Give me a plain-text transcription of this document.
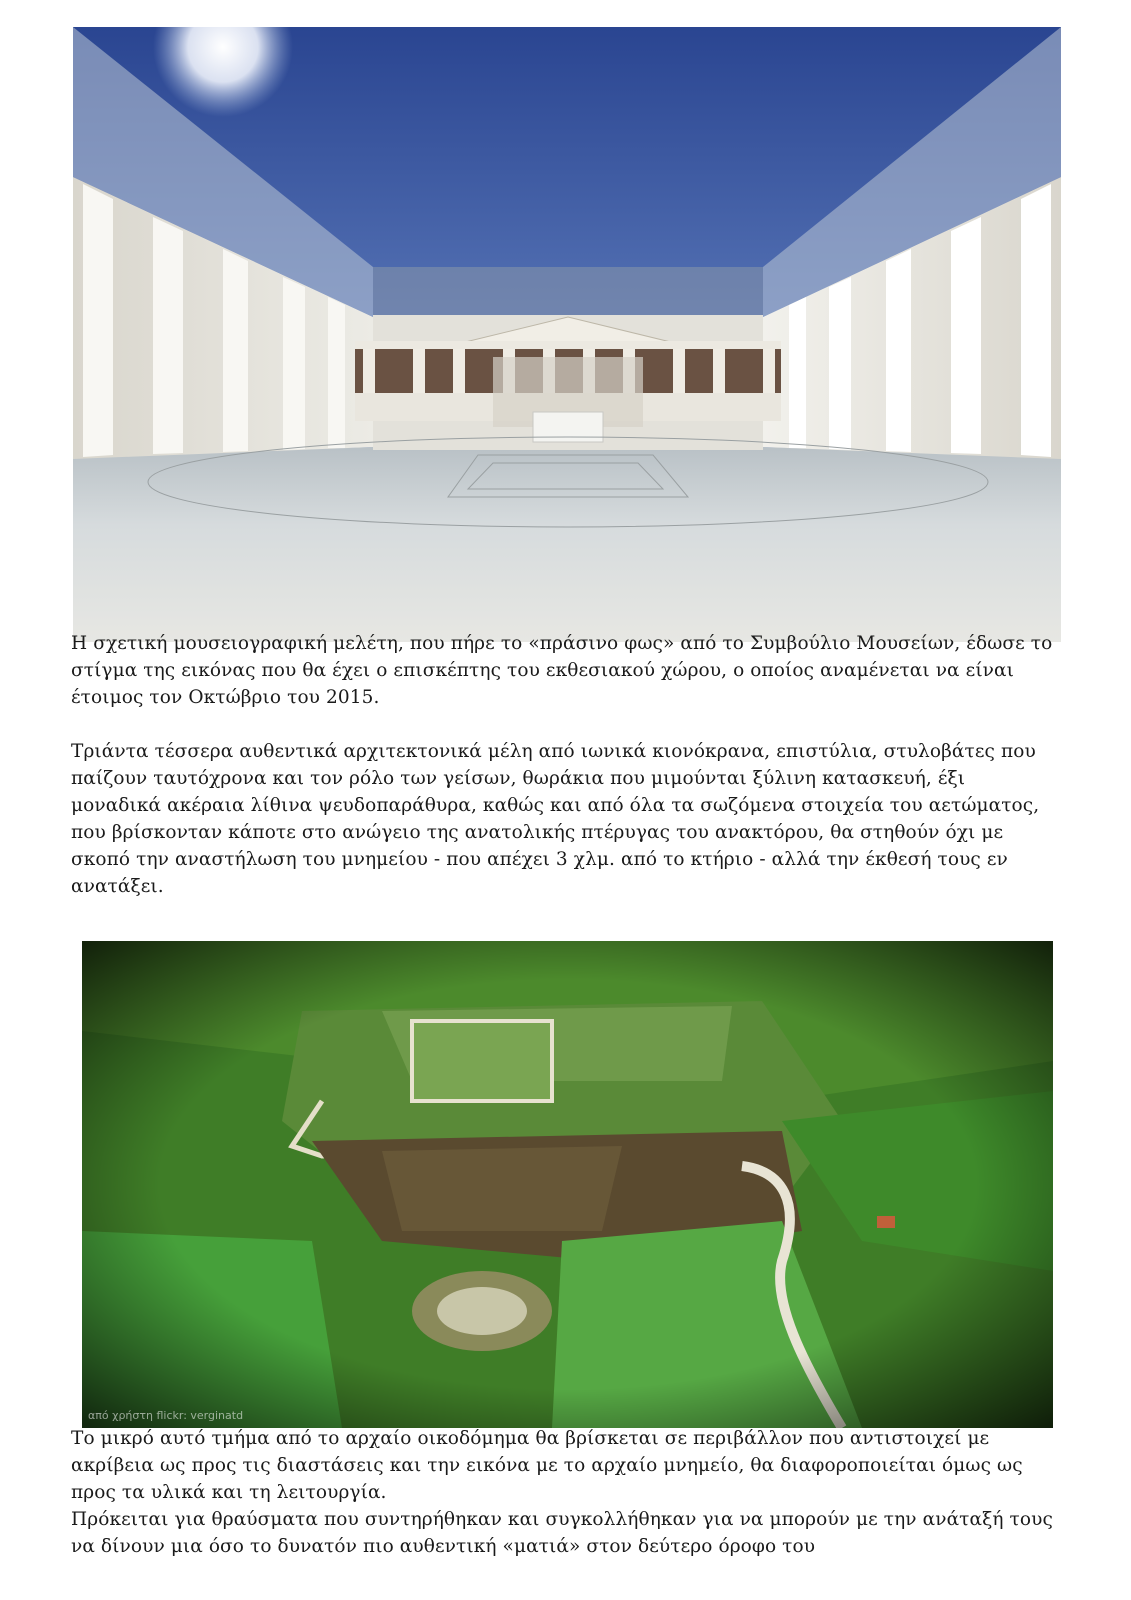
Η σχετική μουσειογραφική μελέτη, που πήρε το «πράσινο φως» από το Συμβούλιο Μουσείων, έδωσε το στίγμα της εικόνας που θα έχει ο επισκέπτης του εκθεσιακού χώρου, ο οποίος αναμένεται να είναι έτοιμος τον Οκτώβριο του 2015.

Τριάντα τέσσερα αυθεντικά αρχιτεκτονικά μέλη από ιωνικά κιονόκρανα, επιστύλια, στυλοβάτες που παίζουν ταυτόχρονα και τον ρόλο των γείσων, θωράκια που μιμούνται ξύλινη κατασκευή, έξι μοναδικά ακέραια λίθινα ψευδοπαράθυρα, καθώς και από όλα τα σωζόμενα στοιχεία του αετώματος, που βρίσκονταν κάποτε στο ανώγειο της ανατολικής πτέρυγας του ανακτόρου, θα στηθούν όχι με σκοπό την αναστήλωση του μνημείου - που απέχει 3 χλμ. από το κτήριο - αλλά την έκθεσή τους εν ανατάξει.

από χρήστη flickr: verginatd

Το μικρό αυτό τμήμα από το αρχαίο οικοδόμημα θα βρίσκεται σε περιβάλλον που αντιστοιχεί με ακρίβεια ως προς τις διαστάσεις και την εικόνα με το αρχαίο μνημείο, θα διαφοροποιείται όμως ως προς τα υλικά και τη λειτουργία.

Πρόκειται για θραύσματα που συντηρήθηκαν και συγκολλήθηκαν για να μπορούν με την ανάταξή τους να δίνουν μια όσο το δυνατόν πιο αυθεντική «ματιά» στον δεύτερο όροφο του
